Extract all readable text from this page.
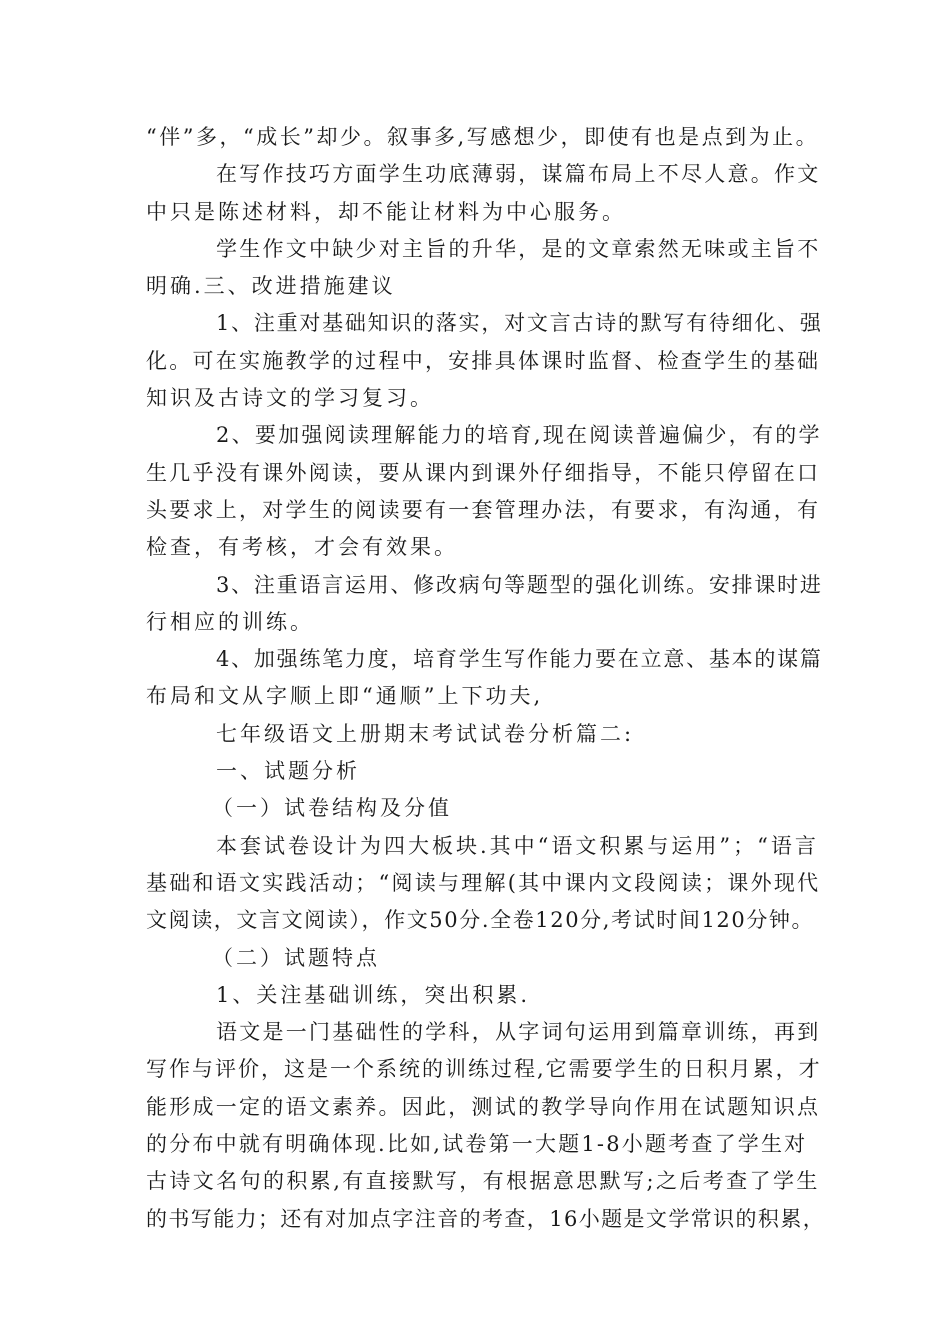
“伴”多，“成长”却少。叙事多,写感想少，即使有也是点到为止。

在写作技巧方面学生功底薄弱，谋篇布局上不尽人意。作文
中只是陈述材料，却不能让材料为中心服务。

学生作文中缺少对主旨的升华，是的文章索然无味或主旨不
明确.三、改进措施建议

1、注重对基础知识的落实，对文言古诗的默写有待细化、强
化。可在实施教学的过程中，安排具体课时监督、检查学生的基础
知识及古诗文的学习复习。

2、要加强阅读理解能力的培育,现在阅读普遍偏少，有的学
生几乎没有课外阅读，要从课内到课外仔细指导，不能只停留在口
头要求上，对学生的阅读要有一套管理办法，有要求，有沟通，有
检查，有考核，才会有效果。

3、注重语言运用、修改病句等题型的强化训练。安排课时进
行相应的训练。

4、加强练笔力度，培育学生写作能力要在立意、基本的谋篇
布局和文从字顺上即“通顺”上下功夫,

七年级语文上册期末考试试卷分析篇二:

一、试题分析

（一）试卷结构及分值

本套试卷设计为四大板块.其中“语文积累与运用”；“语言
基础和语文实践活动；“阅读与理解(其中课内文段阅读；课外现代
文阅读，文言文阅读），作文50分.全卷120分,考试时间120分钟。

（二）试题特点

1、关注基础训练，突出积累.

语文是一门基础性的学科，从字词句运用到篇章训练，再到
写作与评价，这是一个系统的训练过程,它需要学生的日积月累，才
能形成一定的语文素养。因此，测试的教学导向作用在试题知识点
的分布中就有明确体现.比如,试卷第一大题1-8小题考查了学生对
古诗文名句的积累,有直接默写，有根据意思默写;之后考查了学生
的书写能力；还有对加点字注音的考查，16小题是文学常识的积累，
